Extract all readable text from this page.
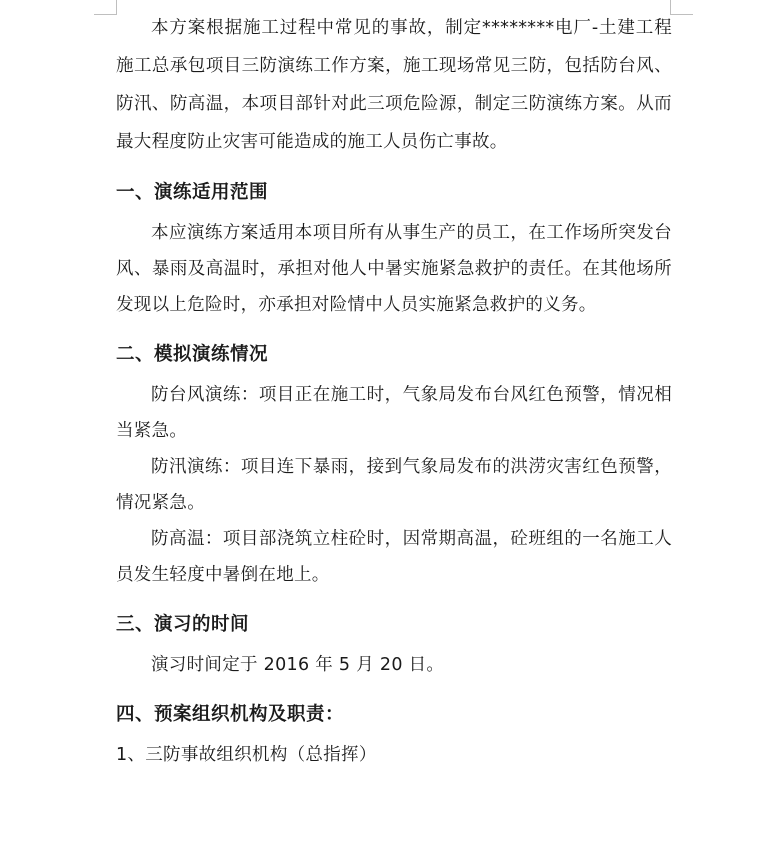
本方案根据施工过程中常见的事故，制定********电厂-土建工程施工总承包项目三防演练工作方案，施工现场常见三防，包括防台风、防汛、防高温，本项目部针对此三项危险源，制定三防演练方案。从而最大程度防止灾害可能造成的施工人员伤亡事故。

一、演练适用范围

本应演练方案适用本项目所有从事生产的员工，在工作场所突发台风、暴雨及高温时，承担对他人中暑实施紧急救护的责任。在其他场所发现以上危险时，亦承担对险情中人员实施紧急救护的义务。

二、模拟演练情况

防台风演练：项目正在施工时，气象局发布台风红色预警，情况相当紧急。

防汛演练：项目连下暴雨，接到气象局发布的洪涝灾害红色预警，情况紧急。

防高温：项目部浇筑立柱砼时，因常期高温，砼班组的一名施工人员发生轻度中暑倒在地上。

三、演习的时间

演习时间定于 2016 年 5 月 20 日。

四、预案组织机构及职责：

1、三防事故组织机构（总指挥）
